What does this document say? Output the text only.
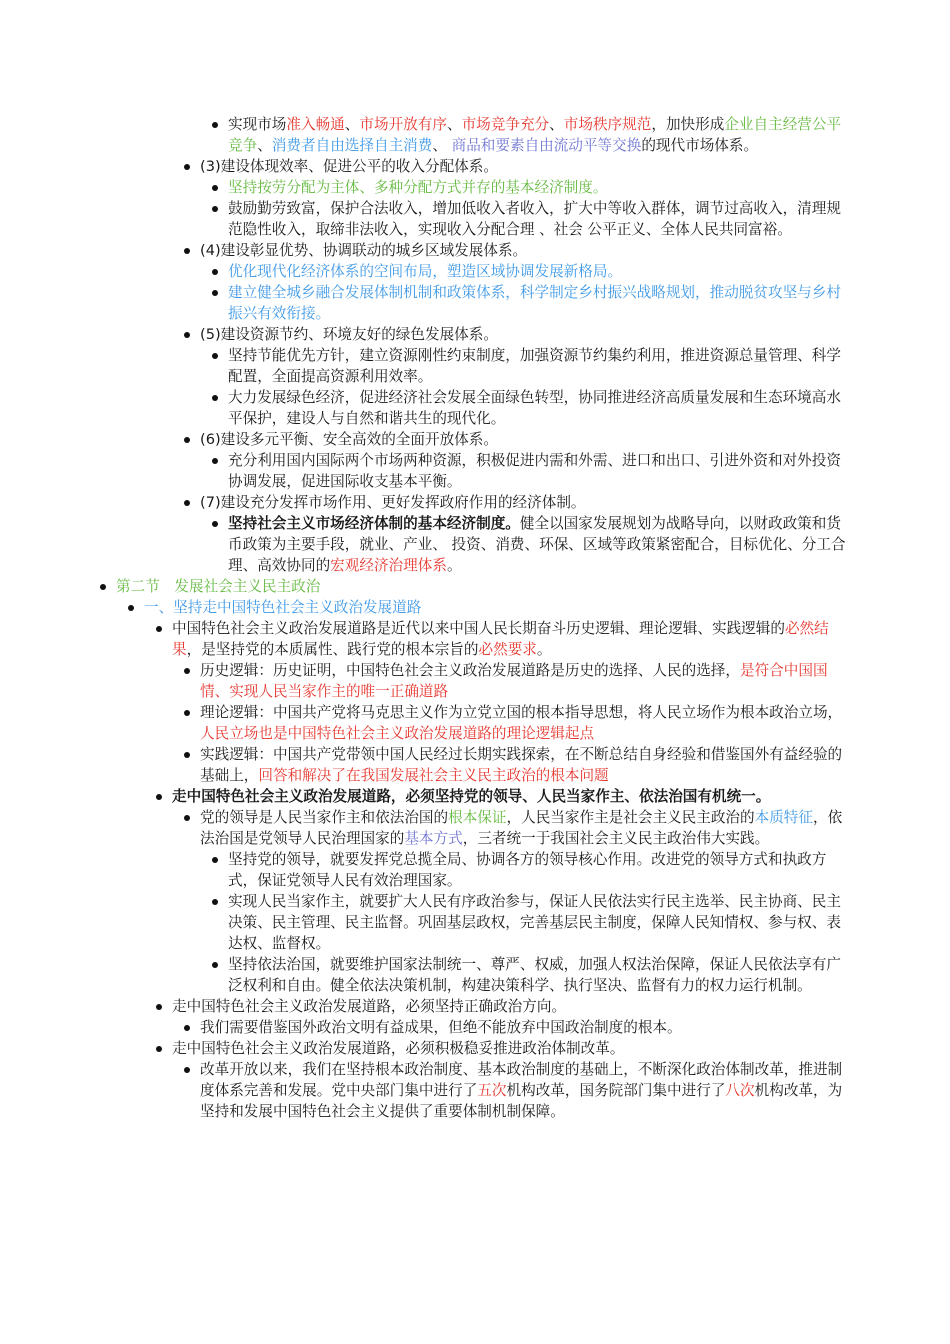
实现市场准入畅通、市场开放有序、市场竞争充分、市场秩序规范，加快形成企业自主经营公平竞争、消费者自由选择自主消费、 商品和要素自由流动平等交换的现代市场体系。
(3)建设体现效率、促进公平的收入分配体系。
坚持按劳分配为主体、多种分配方式并存的基本经济制度。
鼓励勤劳致富，保护合法收入，增加低收入者收入，扩大中等收入群体，调节过高收入，清理规范隐性收入，取缔非法收入，实现收入分配合理 、社会 公平正义、全体人民共同富裕。
(4)建设彰显优势、协调联动的城乡区域发展体系。
优化现代化经济体系的空间布局，塑造区域协调发展新格局。
建立健全城乡融合发展体制机制和政策体系，科学制定乡村振兴战略规划，推动脱贫攻坚与乡村振兴有效衔接。
(5)建设资源节约、环境友好的绿色发展体系。
坚持节能优先方针，建立资源刚性约束制度，加强资源节约集约利用，推进资源总量管理、科学配置，全面提高资源利用效率。
大力发展绿色经济，促进经济社会发展全面绿色转型，协同推进经济高质量发展和生态环境高水平保护，建设人与自然和谐共生的现代化。
(6)建设多元平衡、安全高效的全面开放体系。
充分利用国内国际两个市场两种资源，积极促进内需和外需、进口和出口、引进外资和对外投资协调发展，促进国际收支基本平衡。
(7)建设充分发挥市场作用、更好发挥政府作用的经济体制。
坚持社会主义市场经济体制的基本经济制度。健全以国家发展规划为战略导向，以财政政策和货币政策为主要手段，就业、产业、 投资、消费、环保、区域等政策紧密配合，目标优化、分工合理、高效协同的宏观经济治理体系。
第二节　发展社会主义民主政治
一、坚持走中国特色社会主义政治发展道路
中国特色社会主义政治发展道路是近代以来中国人民长期奋斗历史逻辑、理论逻辑、实践逻辑的必然结果，是坚持党的本质属性、践行党的根本宗旨的必然要求。
历史逻辑：历史证明，中国特色社会主义政治发展道路是历史的选择、人民的选择，是符合中国国情、实现人民当家作主的唯一正确道路
理论逻辑：中国共产党将马克思主义作为立党立国的根本指导思想，将人民立场作为根本政治立场，人民立场也是中国特色社会主义政治发展道路的理论逻辑起点
实践逻辑：中国共产党带领中国人民经过长期实践探索，在不断总结自身经验和借鉴国外有益经验的基础上，回答和解决了在我国发展社会主义民主政治的根本问题
走中国特色社会主义政治发展道路，必须坚持党的领导、人民当家作主、依法治国有机统一。
党的领导是人民当家作主和依法治国的根本保证，人民当家作主是社会主义民主政治的本质特征，依法治国是党领导人民治理国家的基本方式，三者统一于我国社会主义民主政治伟大实践。
坚持党的领导，就要发挥党总揽全局、协调各方的领导核心作用。改进党的领导方式和执政方式，保证党领导人民有效治理国家。
实现人民当家作主，就要扩大人民有序政治参与，保证人民依法实行民主选举、民主协商、民主决策、民主管理、民主监督。巩固基层政权，完善基层民主制度，保障人民知情权、参与权、表达权、监督权。
坚持依法治国，就要维护国家法制统一、尊严、权威，加强人权法治保障，保证人民依法享有广泛权利和自由。健全依法决策机制，构建决策科学、执行坚决、监督有力的权力运行机制。
走中国特色社会主义政治发展道路，必须坚持正确政治方向。
我们需要借鉴国外政治文明有益成果，但绝不能放弃中国政治制度的根本。
走中国特色社会主义政治发展道路，必须积极稳妥推进政治体制改革。
改革开放以来，我们在坚持根本政治制度、基本政治制度的基础上，不断深化政治体制改革，推进制度体系完善和发展。党中央部门集中进行了五次机构改革，国务院部门集中进行了八次机构改革，为坚持和发展中国特色社会主义提供了重要体制机制保障。
